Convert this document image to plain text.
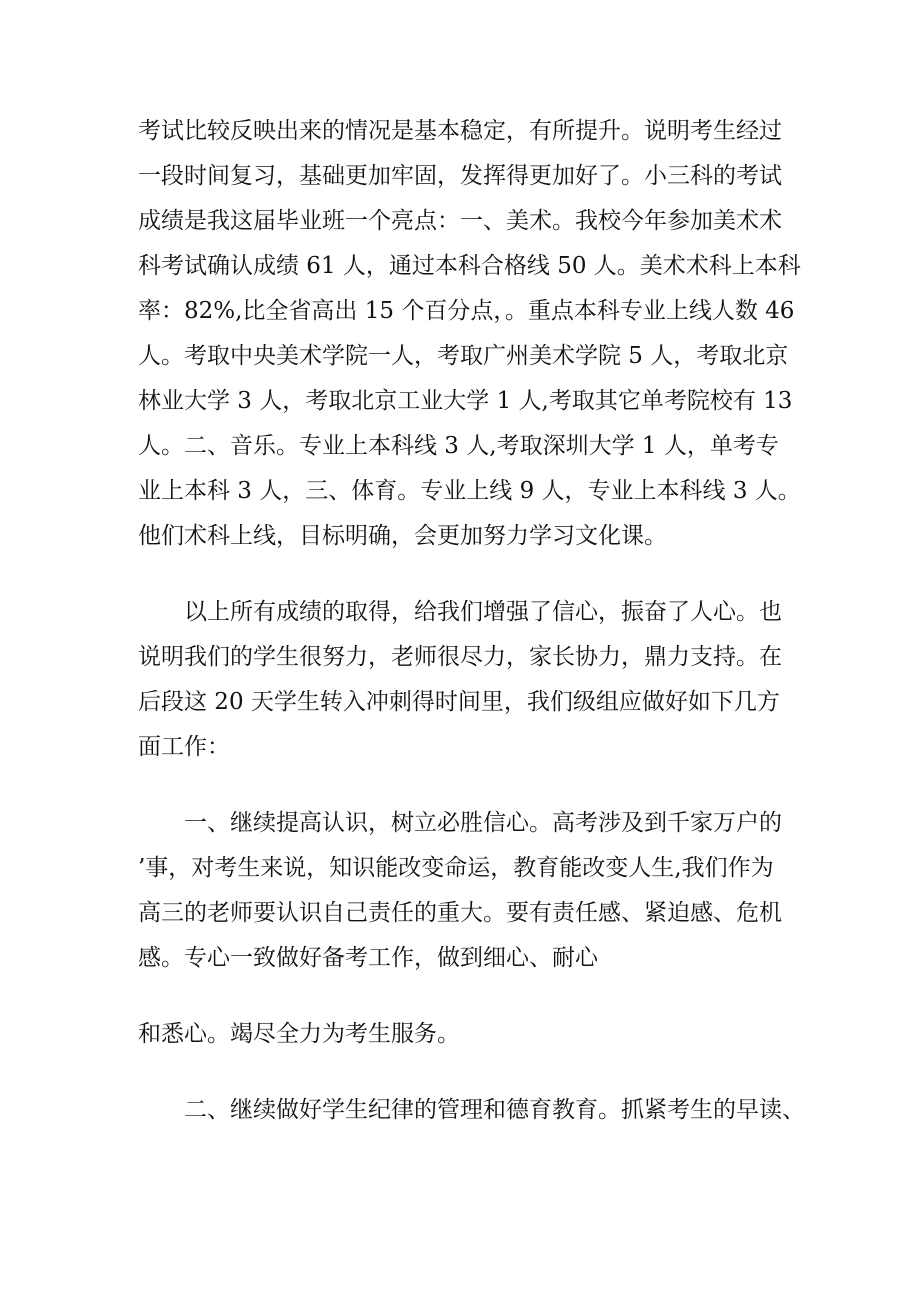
考试比较反映出来的情况是基本稳定，有所提升。说明考生经过
一段时间复习，基础更加牢固，发挥得更加好了。小三科的考试
成绩是我这届毕业班一个亮点：一、美术。我校今年参加美术术
科考试确认成绩 61 人，通过本科合格线 50 人。美术术科上本科
率：82%,比全省高出 15 个百分点，。重点本科专业上线人数 46
人。考取中央美术学院一人，考取广州美术学院 5 人，考取北京
林业大学 3 人，考取北京工业大学 1 人,考取其它单考院校有 13
人。二、音乐。专业上本科线 3 人,考取深圳大学 1 人，单考专
业上本科 3 人，三、体育。专业上线 9 人，专业上本科线 3 人。
他们术科上线，目标明确，会更加努力学习文化课。
以上所有成绩的取得，给我们增强了信心，振奋了人心。也
说明我们的学生很努力，老师很尽力，家长协力，鼎力支持。在
后段这 20 天学生转入冲刺得时间里，我们级组应做好如下几方
面工作：
一、继续提高认识，树立必胜信心。高考涉及到千家万户的
’事，对考生来说，知识能改变命运，教育能改变人生,我们作为
高三的老师要认识自己责任的重大。要有责任感、紧迫感、危机
感。专心一致做好备考工作，做到细心、耐心
和悉心。竭尽全力为考生服务。
二、继续做好学生纪律的管理和德育教育。抓紧考生的早读、
